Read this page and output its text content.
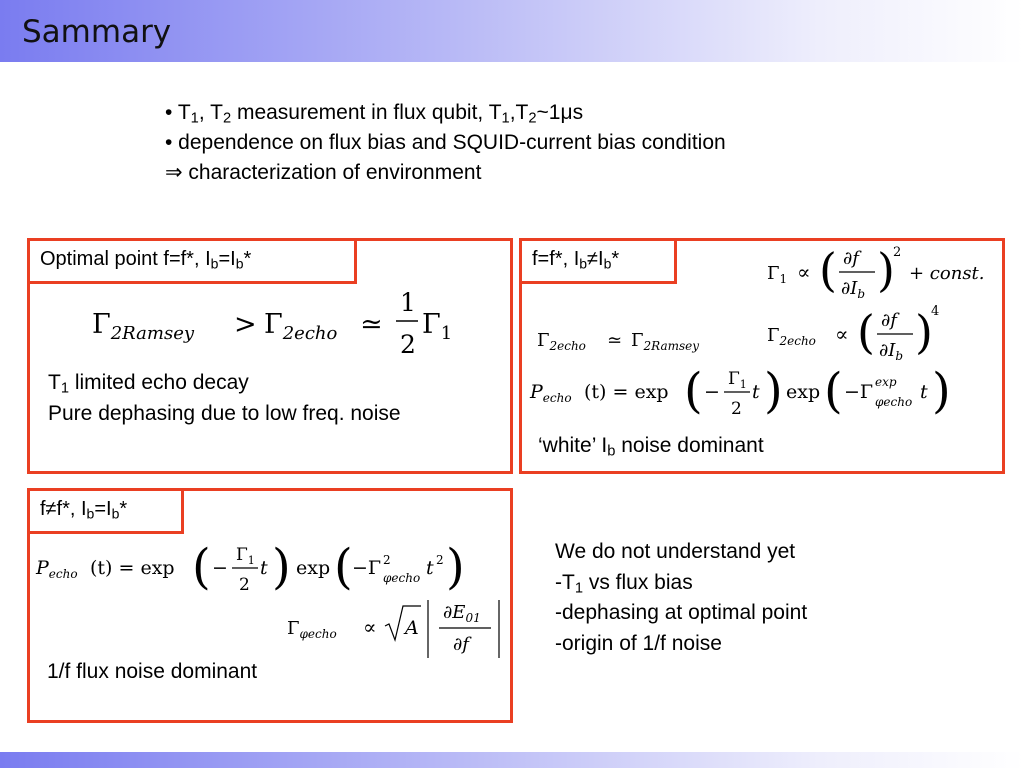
Sammary
• $T_1$, $T_2$ measurement in flux qubit, $T_1,T_2\sim 1\mu s$
• dependence on flux bias and SQUID-current bias condition
⇒ characterization of environment
Optimal point f=f*, $I_b=I_b*$
$\Gamma_{2Ramsey} > \Gamma_{2echo}$ ≃
1
2
$\Gamma_1$
$T_1$ limited echo decay
Pure dephasing due to low freq. noise
f=f*, $I_b\ne I_b*$
$\Gamma_1$ ∝ ( ∂f
$\partial I_b$ )
2
+ const.
$\Gamma_{2echo}$ ≃ $\Gamma_{2Ramsey}$	$\Gamma_{2echo}$ ∝ ( ∂f
$\partial I_b$ )
4
$P_{echo}$ (t) = exp ( −
$\Gamma_1$
2
t ) exp ( −Γ exp
φecho t )
‘white’ $I_b$ noise dominant
f≠f*, $I_b=I_b*$
$P_{echo}$ (t) = exp ( −
$\Gamma_1$
2
t ) exp ( −Γ 2
φecho t 2 )
$\Gamma_{\varphi echo} \propto A$
$\partial E_{01}$
∂f
1/f flux noise dominant
We do not understand yet
$-T_1$ vs flux bias
-dephasing at optimal point
-origin of 1/f noise
